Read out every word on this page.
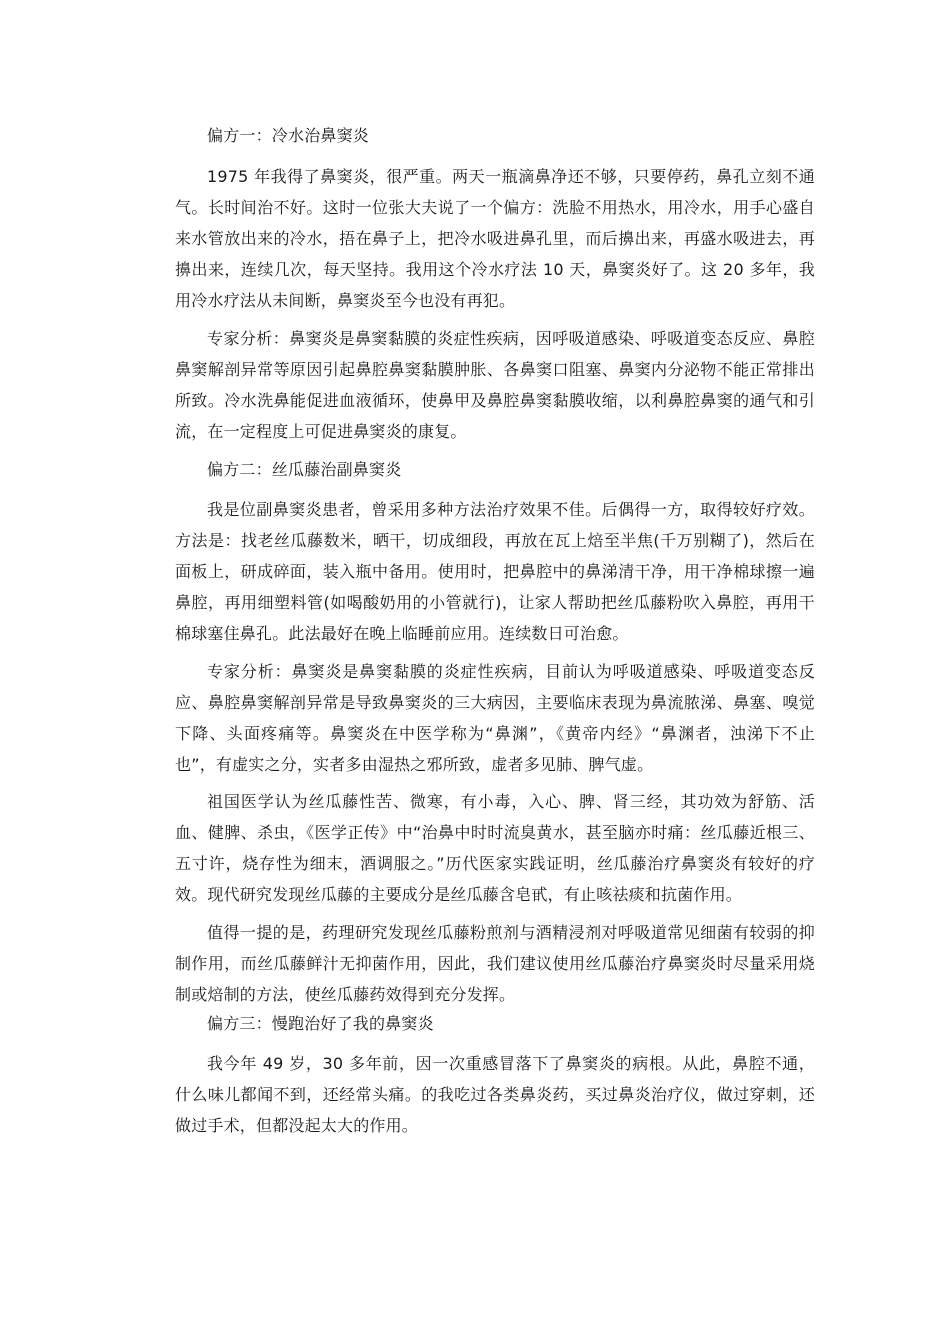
偏方一：冷水治鼻窦炎

1975 年我得了鼻窦炎，很严重。两天一瓶滴鼻净还不够，只要停药，鼻孔立刻不通气。长时间治不好。这时一位张大夫说了一个偏方：洗脸不用热水，用冷水，用手心盛自来水管放出来的冷水，捂在鼻子上，把冷水吸进鼻孔里，而后擤出来，再盛水吸进去，再擤出来，连续几次，每天坚持。我用这个冷水疗法 10 天，鼻窦炎好了。这 20 多年，我用冷水疗法从未间断，鼻窦炎至今也没有再犯。

专家分析：鼻窦炎是鼻窦黏膜的炎症性疾病，因呼吸道感染、呼吸道变态反应、鼻腔鼻窦解剖异常等原因引起鼻腔鼻窦黏膜肿胀、各鼻窦口阻塞、鼻窦内分泌物不能正常排出所致。冷水洗鼻能促进血液循环，使鼻甲及鼻腔鼻窦黏膜收缩，以利鼻腔鼻窦的通气和引流，在一定程度上可促进鼻窦炎的康复。

偏方二：丝瓜藤治副鼻窦炎

我是位副鼻窦炎患者，曾采用多种方法治疗效果不佳。后偶得一方，取得较好疗效。方法是：找老丝瓜藤数米，晒干，切成细段，再放在瓦上焙至半焦(千万别糊了)，然后在面板上，研成碎面，装入瓶中备用。使用时，把鼻腔中的鼻涕清干净，用干净棉球擦一遍鼻腔，再用细塑料管(如喝酸奶用的小管就行)，让家人帮助把丝瓜藤粉吹入鼻腔，再用干棉球塞住鼻孔。此法最好在晚上临睡前应用。连续数日可治愈。

专家分析：鼻窦炎是鼻窦黏膜的炎症性疾病，目前认为呼吸道感染、呼吸道变态反应、鼻腔鼻窦解剖异常是导致鼻窦炎的三大病因，主要临床表现为鼻流脓涕、鼻塞、嗅觉下降、头面疼痛等。鼻窦炎在中医学称为“鼻渊”，《黄帝内经》“鼻渊者，浊涕下不止也”，有虚实之分，实者多由湿热之邪所致，虚者多见肺、脾气虚。

祖国医学认为丝瓜藤性苦、微寒，有小毒，入心、脾、肾三经，其功效为舒筋、活血、健脾、杀虫，《医学正传》中“治鼻中时时流臭黄水，甚至脑亦时痛：丝瓜藤近根三、五寸许，烧存性为细末，酒调服之。”历代医家实践证明，丝瓜藤治疗鼻窦炎有较好的疗效。现代研究发现丝瓜藤的主要成分是丝瓜藤含皂甙，有止咳祛痰和抗菌作用。

值得一提的是，药理研究发现丝瓜藤粉煎剂与酒精浸剂对呼吸道常见细菌有较弱的抑制作用，而丝瓜藤鲜汁无抑菌作用，因此，我们建议使用丝瓜藤治疗鼻窦炎时尽量采用烧制或焙制的方法，使丝瓜藤药效得到充分发挥。

偏方三：慢跑治好了我的鼻窦炎

我今年 49 岁，30 多年前，因一次重感冒落下了鼻窦炎的病根。从此，鼻腔不通，什么味儿都闻不到，还经常头痛。的我吃过各类鼻炎药，买过鼻炎治疗仪，做过穿刺，还做过手术，但都没起太大的作用。
